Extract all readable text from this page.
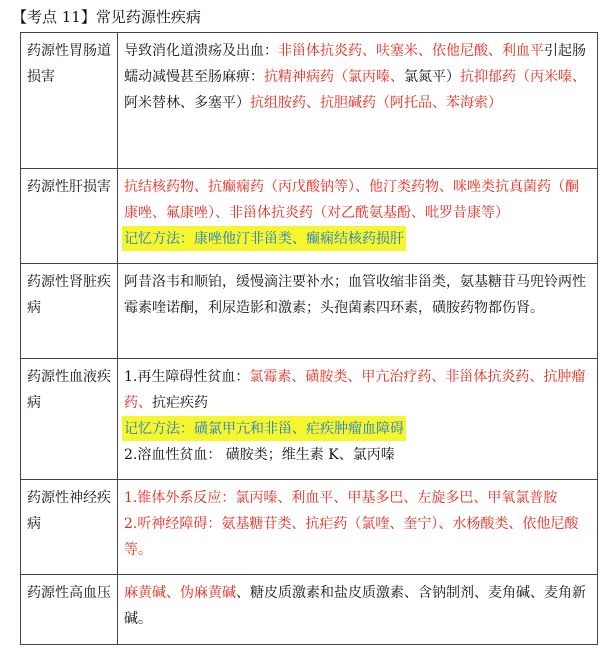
【考点 11】常见药源性疾病
药源性胃肠道损害	导致消化道溃疡及出血：非甾体抗炎药、呋塞米、依他尼酸、利血平引起肠蠕动减慢甚至肠麻痹：抗精神病药（氯丙嗪、氯氮平）抗抑郁药（丙米嗪、阿米替林、多塞平）抗组胺药、抗胆碱药（阿托品、苯海索）

药源性肝损害	抗结核药物、抗癫痫药（丙戊酸钠等）、他汀类药物、咪唑类抗真菌药（酮康唑、氟康唑）、非甾体抗炎药（对乙酰氨基酚、吡罗昔康等）
记忆方法：康唑他汀非甾类、癫痫结核药损肝

药源性肾脏疾病	阿昔洛韦和顺铂，缓慢滴注要补水；血管收缩非甾类，氨基糖苷马兜铃两性霉素喹诺酮，利尿造影和激素；头孢菌素四环素，磺胺药物都伤肾。

药源性血液疾病	1.再生障碍性贫血：氯霉素、磺胺类、甲亢治疗药、非甾体抗炎药、抗肿瘤药、抗疟疾药
记忆方法：磺氯甲亢和非甾、疟疾肿瘤血障碍
2.溶血性贫血： 磺胺类；维生素 K、氯丙嗪

药源性神经疾病	1.锥体外系反应：氯丙嗪、利血平、甲基多巴、左旋多巴、甲氧氯普胺
2.听神经障碍：氨基糖苷类、抗疟药（氯喹、奎宁）、水杨酸类、依他尼酸等。

药源性高血压	麻黄碱、伪麻黄碱、糖皮质激素和盐皮质激素、含钠制剂、麦角碱、麦角新碱。
